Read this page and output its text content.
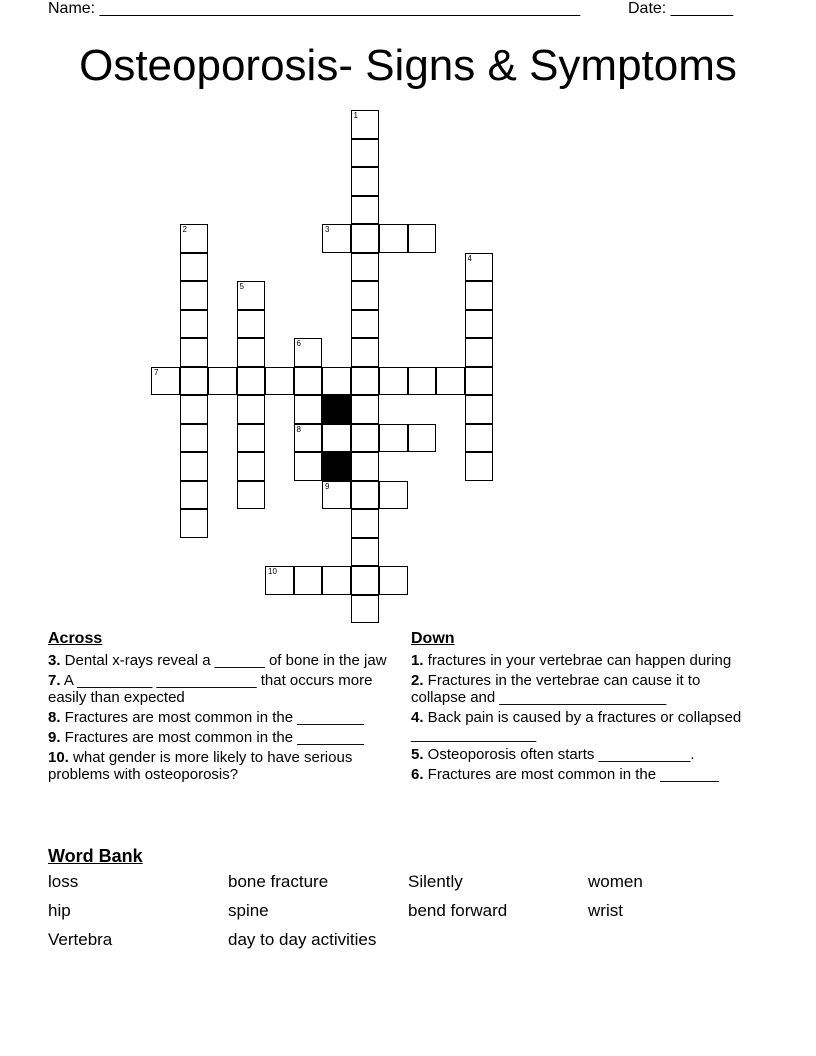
Name: ______________________________________________________	Date: _______
Osteoporosis- Signs & Symptoms
1
2	3
4
5
6
7
8
9
10
Across
3. Dental x-rays reveal a ______ of bone in the jaw
7. A _________ ____________ that occurs more easily than expected
8. Fractures are most common in the ________
9. Fractures are most common in the ________
10. what gender is more likely to have serious problems with osteoporosis?
Down
1. fractures in your vertebrae can happen during
2. Fractures in the vertebrae can cause it to collapse and ____________________
4. Back pain is caused by a fractures or collapsed _______________
5. Osteoporosis often starts ___________.
6. Fractures are most common in the _______
Word Bank
loss	bone fracture	Silently	women
hip	spine	bend forward	wrist
Vertebra	day to day activities
